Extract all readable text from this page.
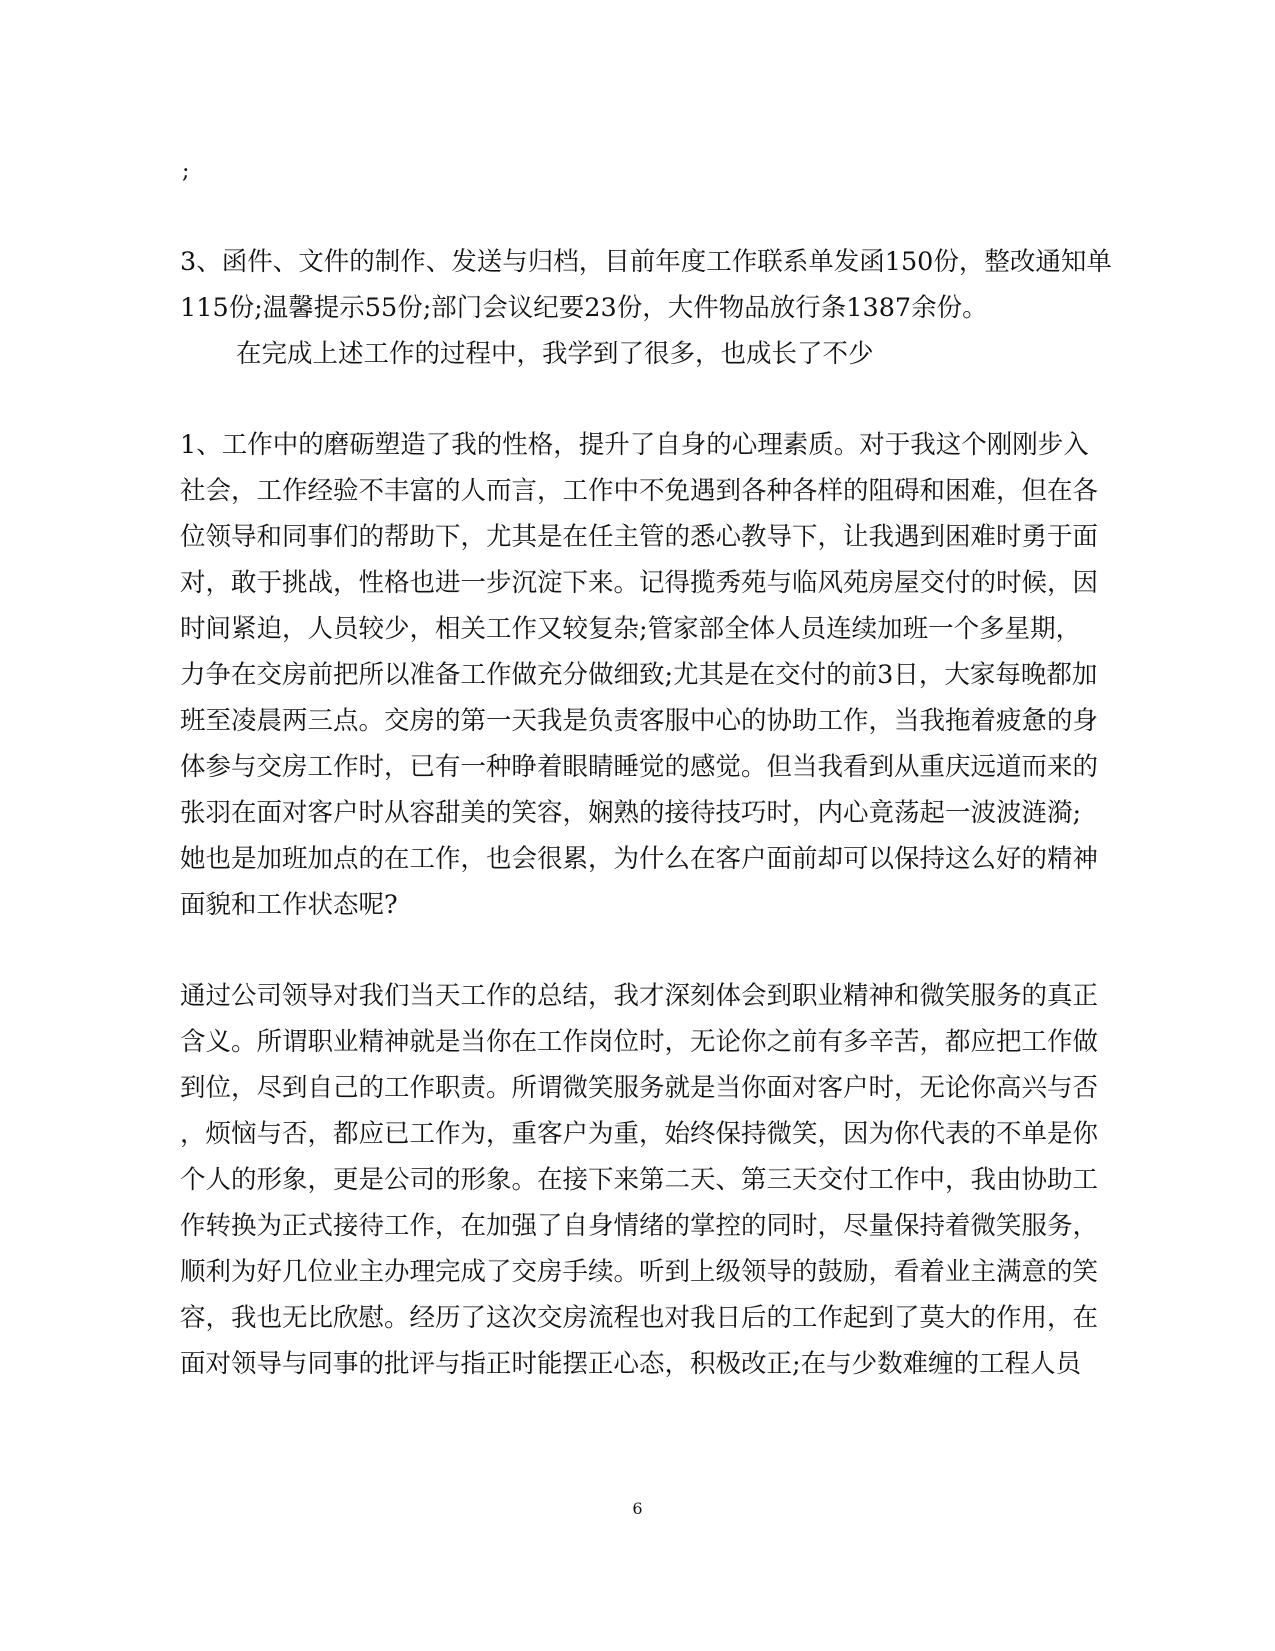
;
3、函件、文件的制作、发送与归档，目前年度工作联系单发函150份，整改通知单
115份;温馨提示55份;部门会议纪要23份，大件物品放行条1387余份。
在完成上述工作的过程中，我学到了很多，也成长了不少
1、工作中的磨砺塑造了我的性格，提升了自身的心理素质。对于我这个刚刚步入
社会，工作经验不丰富的人而言，工作中不免遇到各种各样的阻碍和困难，但在各
位领导和同事们的帮助下，尤其是在任主管的悉心教导下，让我遇到困难时勇于面
对，敢于挑战，性格也进一步沉淀下来。记得揽秀苑与临风苑房屋交付的时候，因
时间紧迫，人员较少，相关工作又较复杂;管家部全体人员连续加班一个多星期，
力争在交房前把所以准备工作做充分做细致;尤其是在交付的前3日，大家每晚都加
班至凌晨两三点。交房的第一天我是负责客服中心的协助工作，当我拖着疲惫的身
体参与交房工作时，已有一种睁着眼睛睡觉的感觉。但当我看到从重庆远道而来的
张羽在面对客户时从容甜美的笑容，娴熟的接待技巧时，内心竟荡起一波波涟漪;
她也是加班加点的在工作，也会很累，为什么在客户面前却可以保持这么好的精神
面貌和工作状态呢?
通过公司领导对我们当天工作的总结，我才深刻体会到职业精神和微笑服务的真正
含义。所谓职业精神就是当你在工作岗位时，无论你之前有多辛苦，都应把工作做
到位，尽到自己的工作职责。所谓微笑服务就是当你面对客户时，无论你高兴与否
，烦恼与否，都应已工作为，重客户为重，始终保持微笑，因为你代表的不单是你
个人的形象，更是公司的形象。在接下来第二天、第三天交付工作中，我由协助工
作转换为正式接待工作，在加强了自身情绪的掌控的同时，尽量保持着微笑服务，
顺利为好几位业主办理完成了交房手续。听到上级领导的鼓励，看着业主满意的笑
容，我也无比欣慰。经历了这次交房流程也对我日后的工作起到了莫大的作用，在
面对领导与同事的批评与指正时能摆正心态，积极改正;在与少数难缠的工程人员
6
